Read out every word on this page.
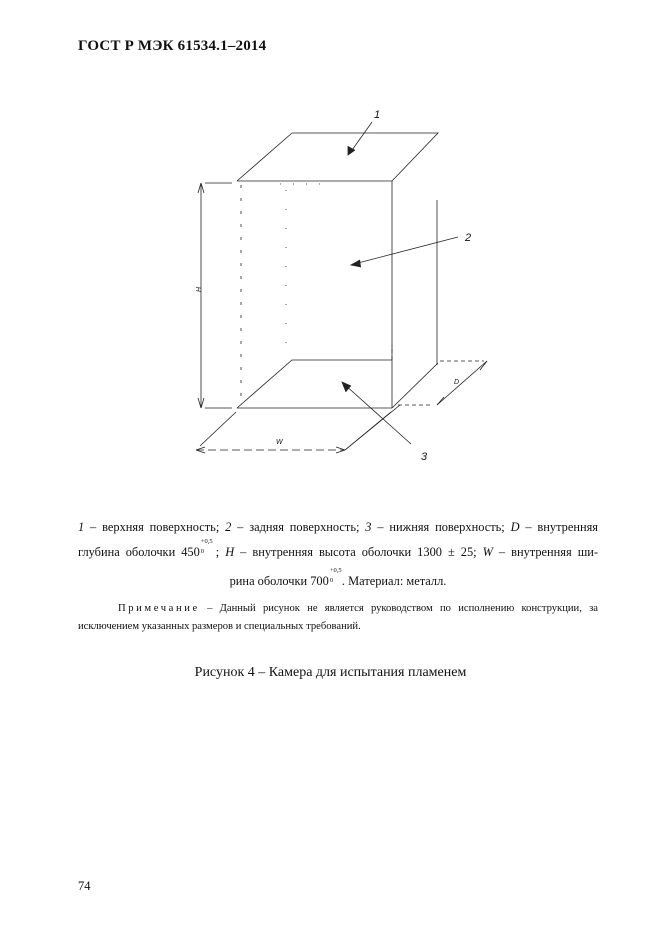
ГОСТ Р МЭК 61534.1–2014
1
2
3
H
D
W
1 – верхняя поверхность; 2 – задняя поверхность; 3 – нижняя поверхность; D – внутренняя
глубина оболочки 450
+0,5
0 ; H – внутренняя высота оболочки 1300 ± 25; W – внутренняя ши-
рина оболочки 700
+0,5
0 . Материал: металл.
Примечание – Данный рисунок не является руководством по исполнению конструкции, за исключением указанных размеров и специальных требований.
Рисунок 4 – Камера для испытания пламенем
74
